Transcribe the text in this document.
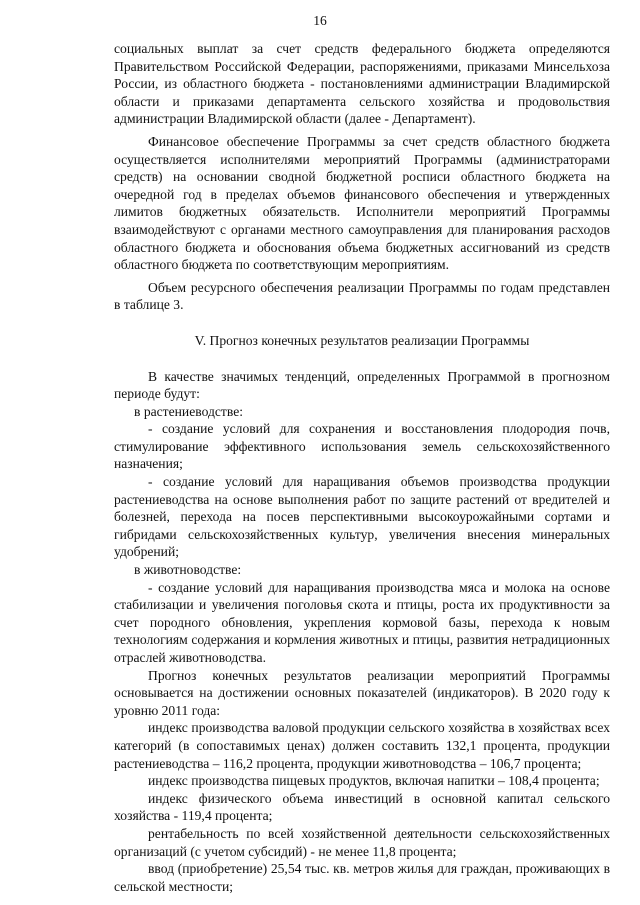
16

социальных выплат за счет средств федерального бюджета определяются Правительством Российской Федерации, распоряжениями, приказами Минсельхоза России, из областного бюджета - постановлениями администрации Владимирской области и приказами департамента сельского хозяйства и продовольствия администрации Владимирской области (далее - Департамент).

Финансовое обеспечение Программы за счет средств областного бюджета осуществляется исполнителями мероприятий Программы (администраторами средств) на основании сводной бюджетной росписи областного бюджета на очередной год в пределах объемов финансового обеспечения и утвержденных лимитов бюджетных обязательств. Исполнители мероприятий Программы взаимодействуют с органами местного самоуправления для планирования расходов областного бюджета и обоснования объема бюджетных ассигнований из средств областного бюджета по соответствующим мероприятиям.

Объем ресурсного обеспечения реализации Программы по годам представлен в таблице 3.

V. Прогноз конечных результатов реализации Программы

В качестве значимых тенденций, определенных Программой в прогнозном периоде будут:

в растениеводстве:

- создание условий для сохранения и восстановления плодородия почв, стимулирование эффективного использования земель сельскохозяйственного назначения;

- создание условий для наращивания объемов производства продукции растениеводства на основе выполнения работ по защите растений от вредителей и болезней, перехода на посев перспективными высокоурожайными сортами и гибридами сельскохозяйственных культур, увеличения внесения минеральных удобрений;

в животноводстве:

- создание условий для наращивания производства мяса и молока на основе стабилизации и увеличения поголовья скота и птицы, роста их продуктивности за счет породного обновления, укрепления кормовой базы, перехода к новым технологиям содержания и кормления животных и птицы, развития нетрадиционных отраслей животноводства.

Прогноз конечных результатов реализации мероприятий Программы основывается на достижении основных показателей (индикаторов). В 2020 году к уровню 2011 года:

индекс производства валовой продукции сельского хозяйства в хозяйствах всех категорий (в сопоставимых ценах) должен составить 132,1 процента, продукции растениеводства – 116,2 процента, продукции животноводства – 106,7 процента;

индекс производства пищевых продуктов, включая напитки – 108,4 процента;

индекс физического объема инвестиций в основной капитал сельского хозяйства - 119,4 процента;

рентабельность по всей хозяйственной деятельности сельскохозяйственных организаций (с учетом субсидий) - не менее 11,8 процента;

ввод (приобретение) 25,54 тыс. кв. метров жилья для граждан, проживающих в сельской местности;
